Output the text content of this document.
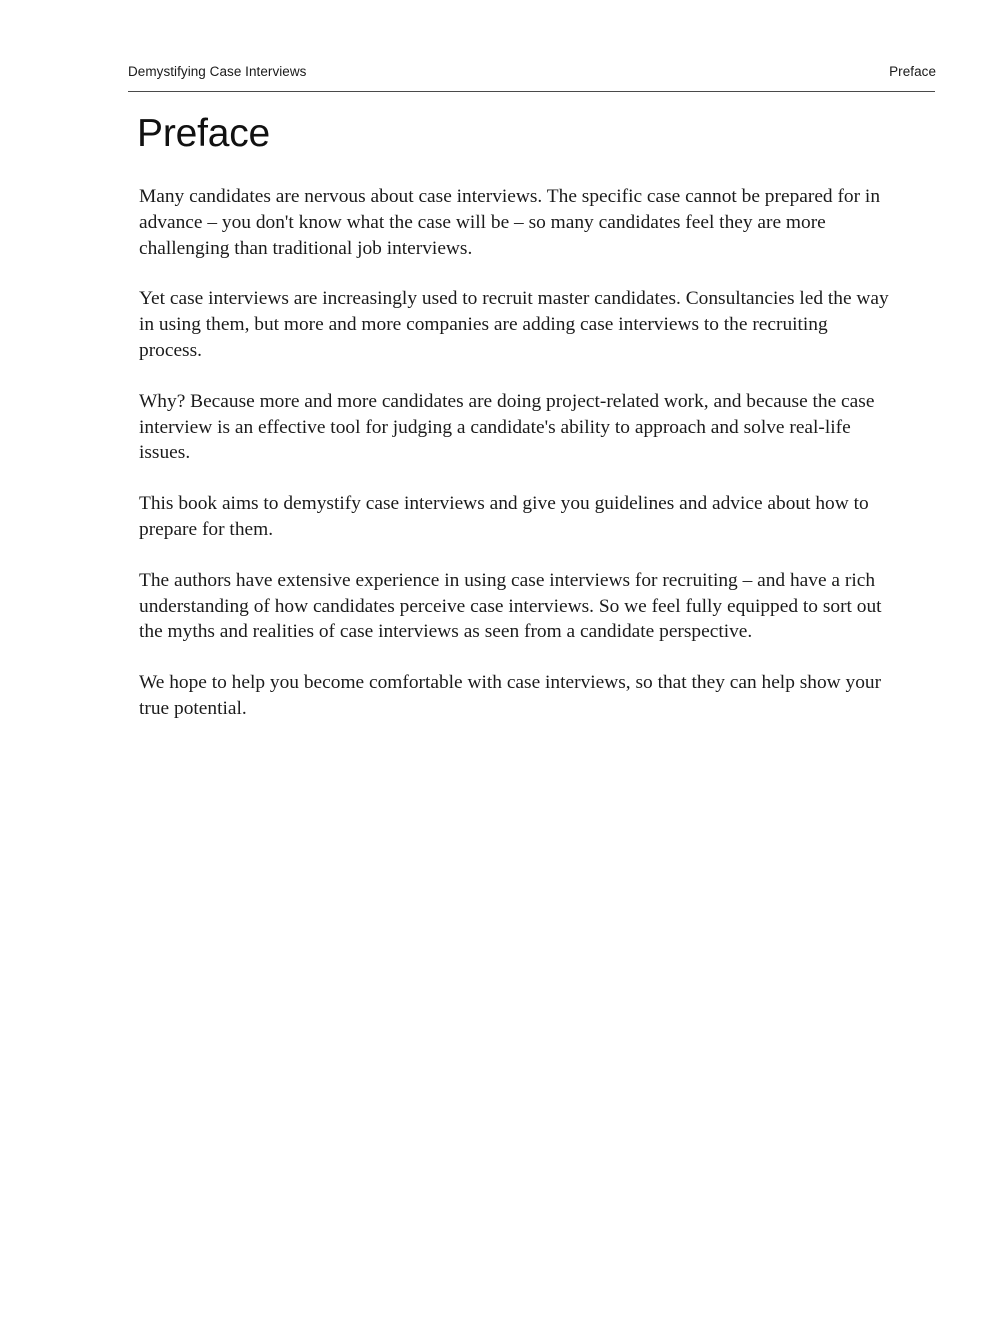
Demystifying Case Interviews	Preface
Preface

Many candidates are nervous about case interviews. The specific case cannot be prepared for in advance – you don't know what the case will be – so many candidates feel they are more challenging than traditional job interviews.

Yet case interviews are increasingly used to recruit master candidates. Consultancies led the way in using them, but more and more companies are adding case interviews to the recruiting process.

Why? Because more and more candidates are doing project-related work, and because the case interview is an effective tool for judging a candidate's ability to approach and solve real-life issues.

This book aims to demystify case interviews and give you guidelines and advice about how to prepare for them.

The authors have extensive experience in using case interviews for recruiting – and have a rich understanding of how candidates perceive case interviews. So we feel fully equipped to sort out the myths and realities of case interviews as seen from a candidate perspective.

We hope to help you become comfortable with case interviews, so that they can help show your true potential.
